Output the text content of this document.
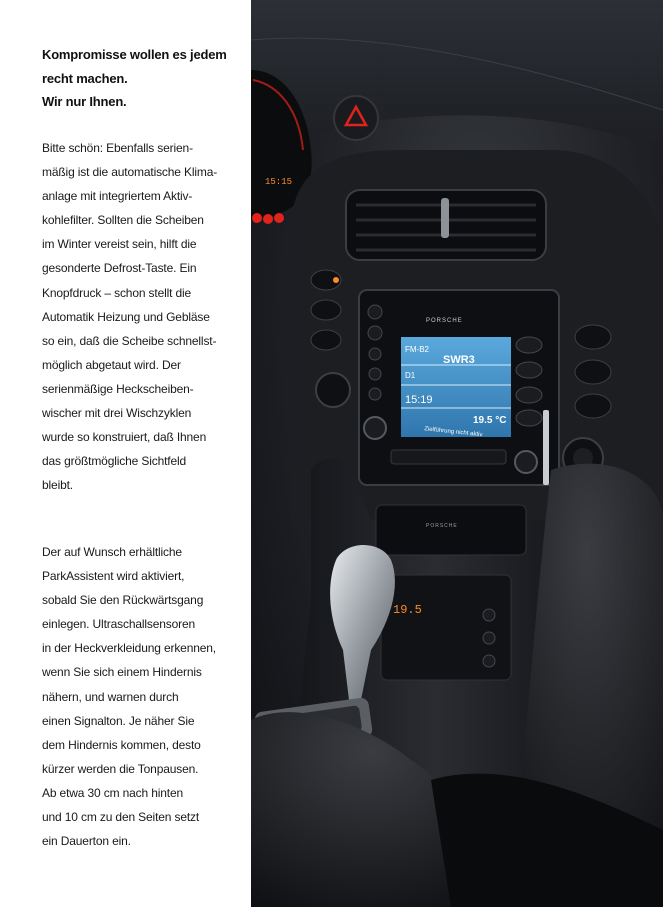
Kompromisse wollen es jedem
recht machen.
Wir nur Ihnen.
Bitte schön: Ebenfalls serien-
mäßig ist die automatische Klima-
anlage mit integriertem Aktiv-
kohlefilter. Sollten die Scheiben
im Winter vereist sein, hilft die
gesonderte Defrost-Taste. Ein
Knopfdruck – schon stellt die
Automatik Heizung und Gebläse
so ein, daß die Scheibe schnellst-
möglich abgetaut wird. Der
serienmäßige Heckscheiben-
wischer mit drei Wischzyklen
wurde so konstruiert, daß Ihnen
das größtmögliche Sichtfeld
bleibt.
Der auf Wunsch erhältliche
ParkAssistent wird aktiviert,
sobald Sie den Rückwärtsgang
einlegen. Ultraschallsensoren
in der Heckverkleidung erkennen,
wenn Sie sich einem Hindernis
nähern, und warnen durch
einen Signalton. Je näher Sie
dem Hindernis kommen, desto
kürzer werden die Tonpausen.
Ab etwa 30 cm nach hinten
und 10 cm zu den Seiten setzt
ein Dauerton ein.
15:15
PORSCHE
FM-B2
SWR3
D1
15:19
19.5 °C
Zielführung nicht aktiv
PORSCHE
19.5
